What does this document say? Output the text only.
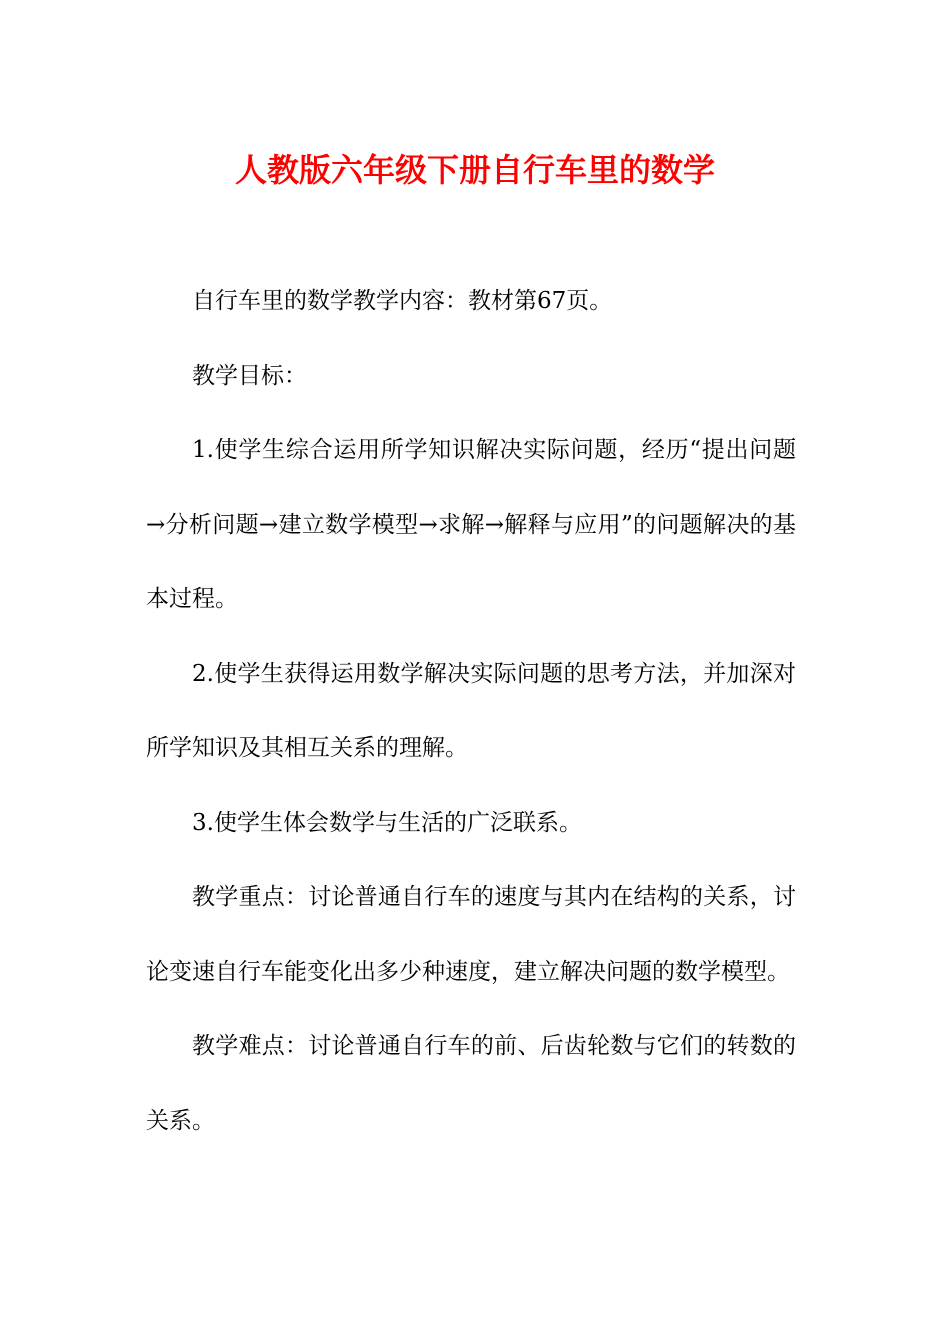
人教版六年级下册自行车里的数学

自行车里的数学教学内容：教材第67页。

教学目标：

1.使学生综合运用所学知识解决实际问题，经历“提出问题→分析问题→建立数学模型→求解→解释与应用”的问题解决的基本过程。

2.使学生获得运用数学解决实际问题的思考方法，并加深对所学知识及其相互关系的理解。

3.使学生体会数学与生活的广泛联系。

教学重点：讨论普通自行车的速度与其内在结构的关系，讨论变速自行车能变化出多少种速度，建立解决问题的数学模型。

教学难点：讨论普通自行车的前、后齿轮数与它们的转数的关系。
